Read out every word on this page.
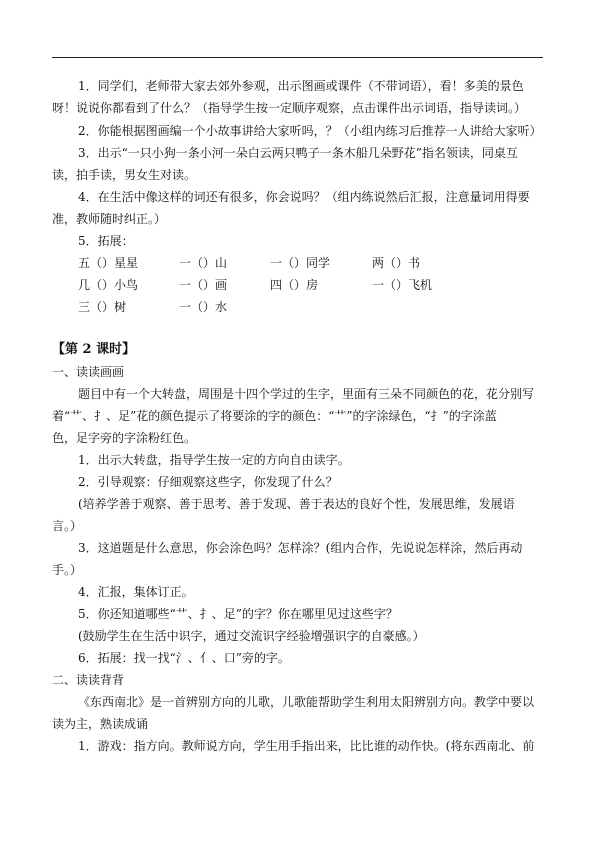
1．同学们，老师带大家去郊外参观，出示图画或课件（不带词语），看！多美的景色
呀！说说你都看到了什么？（指导学生按一定顺序观察，点击课件出示词语，指导读词。）
2．你能根据图画编一个小故事讲给大家听吗，？（小组内练习后推荐一人讲给大家听）
3．出示“一只小狗一条小河一朵白云两只鸭子一条木船几朵野花”指名领读，同桌互
读，拍手读，男女生对读。
4．在生活中像这样的词还有很多，你会说吗？（组内练说然后汇报，注意量词用得要
准，教师随时纠正。）
5．拓展：
五（）星星	一（）山	一（）同学	两（）书
几（）小鸟	一（）画	四（）房	一（）飞机
三（）树	一（）水
【第 2 课时】
一、读读画画
题目中有一个大转盘，周围是十四个学过的生字，里面有三朵不同颜色的花，花分别写
着“艹、扌、足”花的颜色提示了将要涂的字的颜色：“艹”的字涂绿色，“扌”的字涂蓝
色，足字旁的字涂粉红色。
1．出示大转盘，指导学生按一定的方向自由读字。
2．引导观察：仔细观察这些字，你发现了什么？
(培养学善于观察、善于思考、善于发现、善于表达的良好个性，发展思维，发展语
言。）
3．这道题是什么意思，你会涂色吗？怎样涂？(组内合作，先说说怎样涂，然后再动
手。）
4．汇报，集体订正。
5．你还知道哪些“艹、扌、足”的字？你在哪里见过这些字？
(鼓励学生在生活中识字，通过交流识字经验增强识字的自豪感。）
6．拓展：找一找“氵、亻、口”旁的字。
二、读读背背
《东西南北》是一首辨别方向的儿歌，儿歌能帮助学生利用太阳辨别方向。教学中要以
读为主，熟读成诵
1．游戏：指方向。教师说方向，学生用手指出来，比比谁的动作快。(将东西南北、前
